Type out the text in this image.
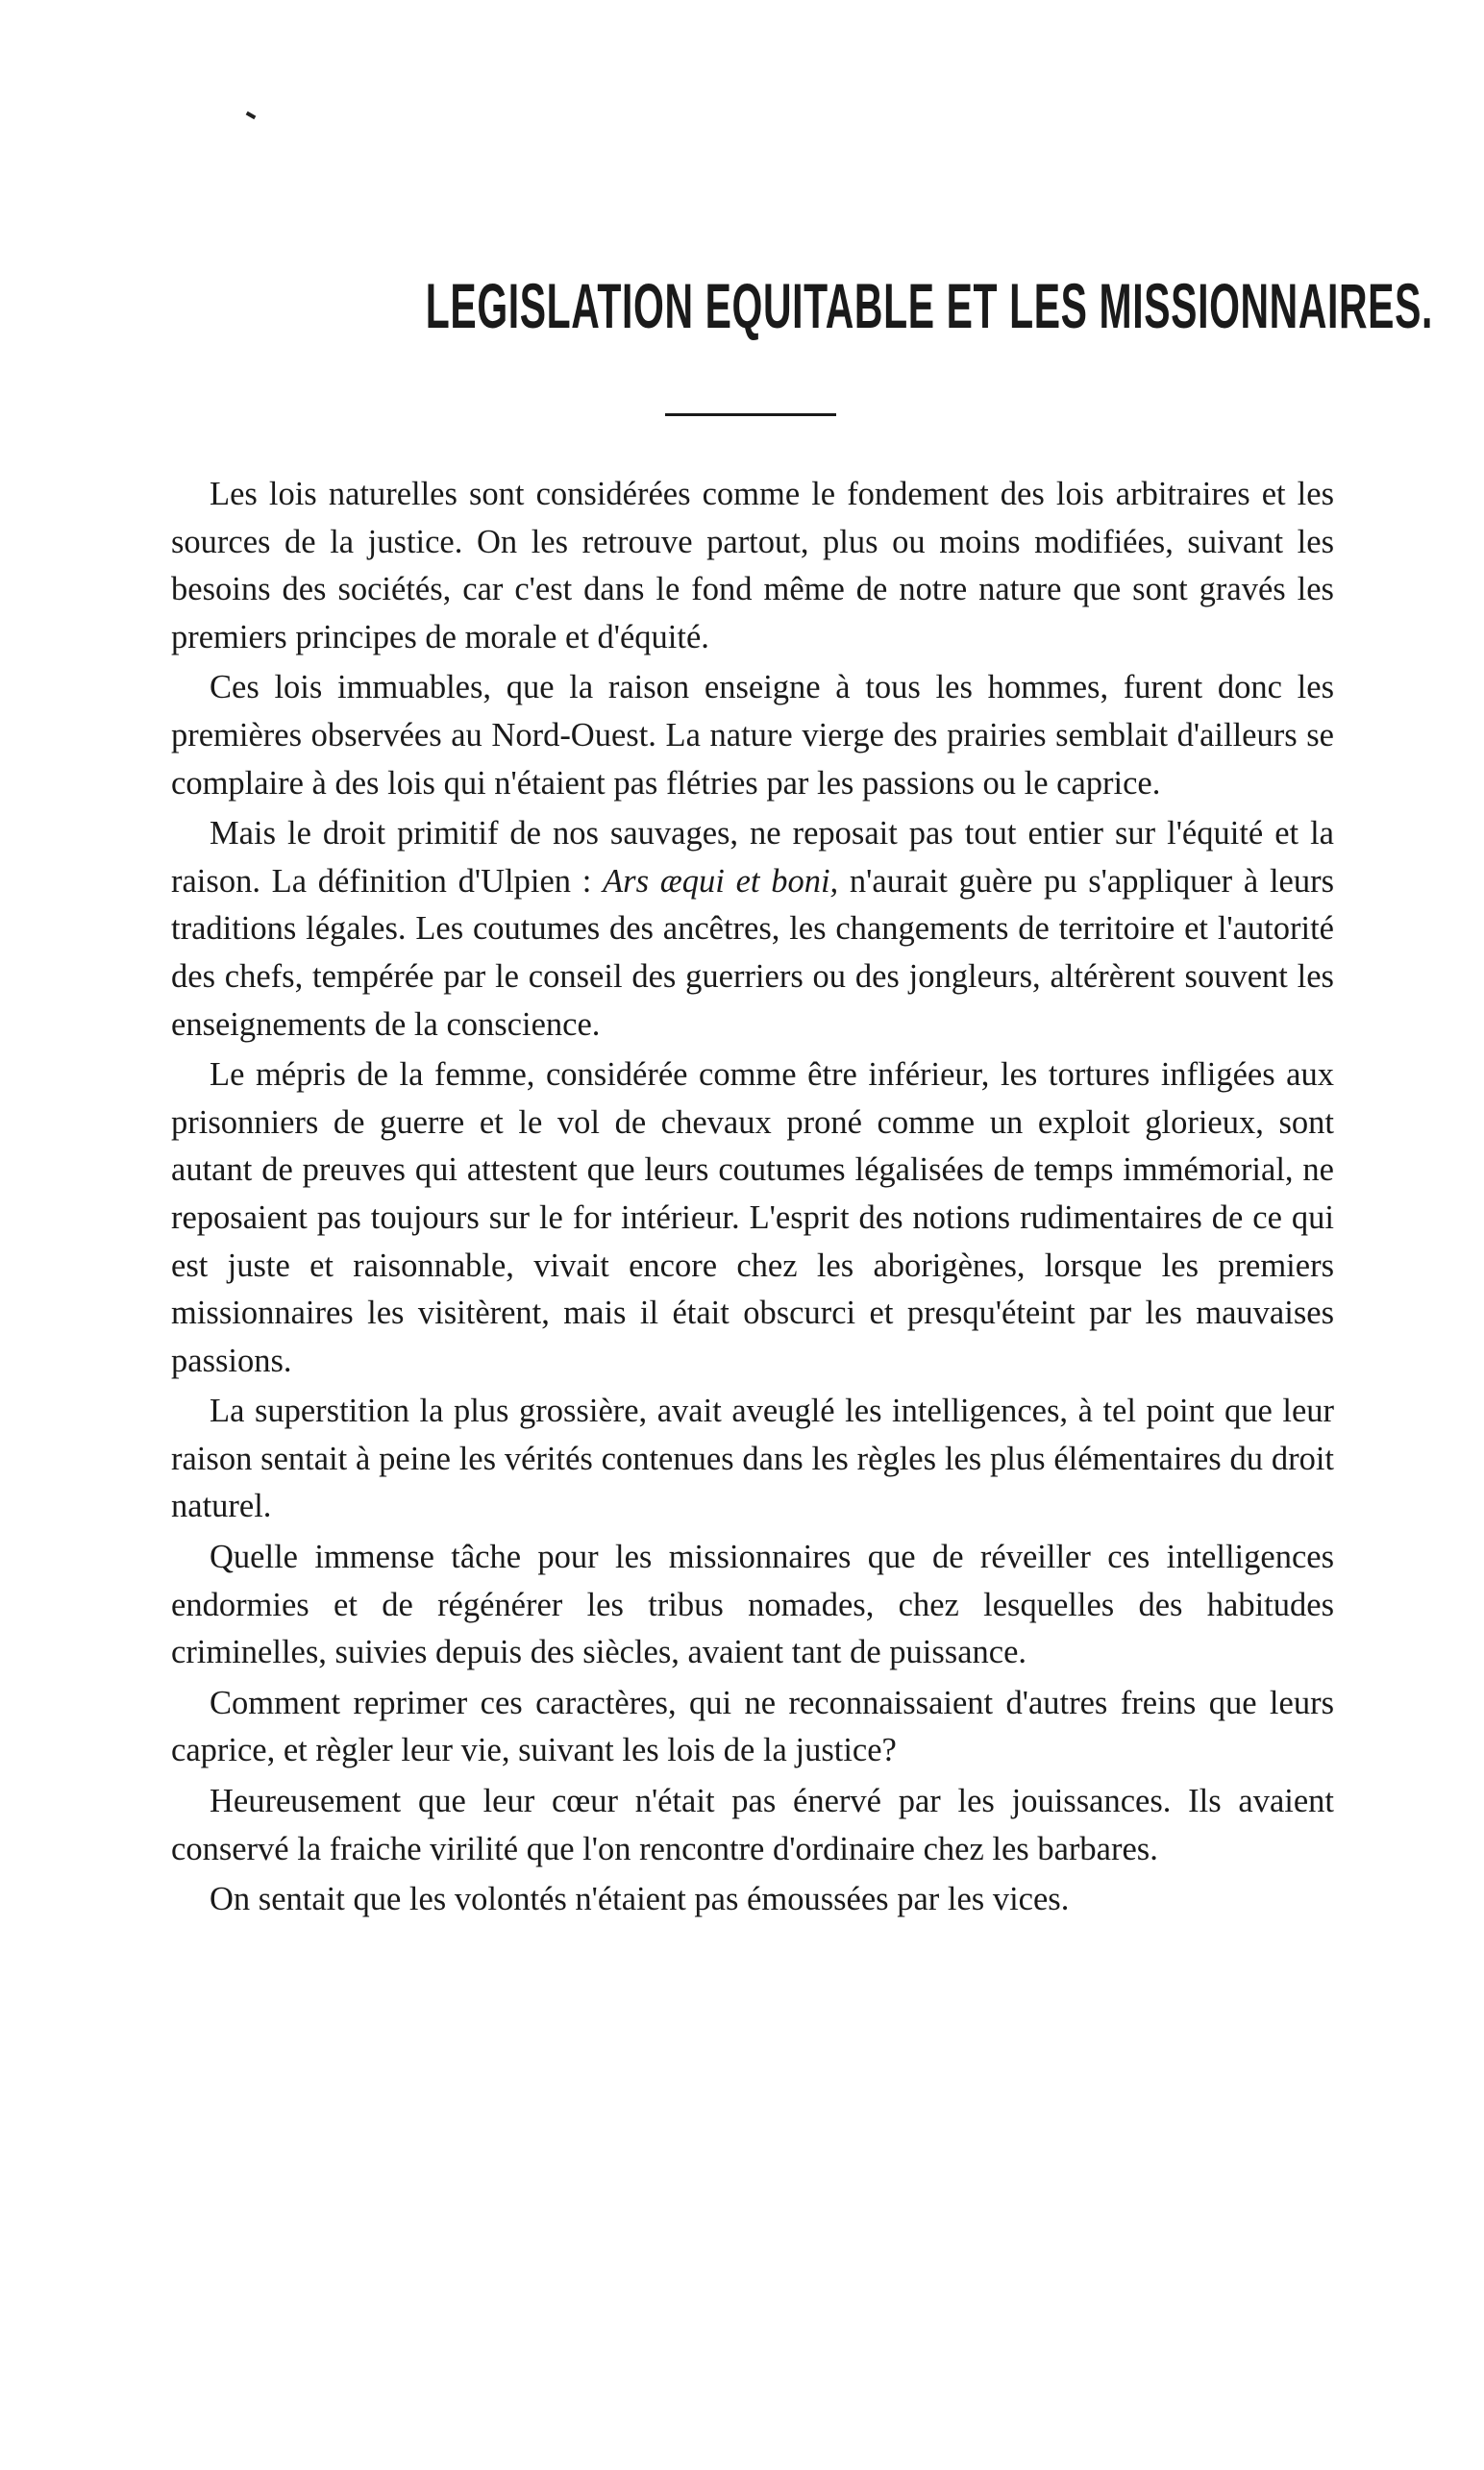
LEGISLATION EQUITABLE ET LES MISSIONNAIRES.

Les lois naturelles sont considérées comme le fondement des lois arbitraires et les sources de la justice. On les retrouve partout, plus ou moins modifiées, suivant les besoins des sociétés, car c'est dans le fond même de notre nature que sont gravés les premiers principes de morale et d'équité.

Ces lois immuables, que la raison enseigne à tous les hommes, furent donc les premières observées au Nord-Ouest. La nature vierge des prairies semblait d'ailleurs se complaire à des lois qui n'étaient pas flétries par les passions ou le caprice.

Mais le droit primitif de nos sauvages, ne reposait pas tout entier sur l'équité et la raison. La définition d'Ulpien : Ars æqui et boni, n'aurait guère pu s'appliquer à leurs traditions légales. Les coutumes des ancêtres, les changements de territoire et l'autorité des chefs, tempérée par le conseil des guerriers ou des jongleurs, altérèrent souvent les enseignements de la conscience.

Le mépris de la femme, considérée comme être inférieur, les tortures infligées aux prisonniers de guerre et le vol de chevaux proné comme un exploit glorieux, sont autant de preuves qui attestent que leurs coutumes légalisées de temps immémorial, ne reposaient pas toujours sur le for intérieur. L'esprit des notions rudimentaires de ce qui est juste et raisonnable, vivait encore chez les aborigènes, lorsque les premiers missionnaires les visitèrent, mais il était obscurci et presqu'éteint par les mauvaises passions.

La superstition la plus grossière, avait aveuglé les intelligences, à tel point que leur raison sentait à peine les vérités contenues dans les règles les plus élémentaires du droit naturel.

Quelle immense tâche pour les missionnaires que de réveiller ces intelligences endormies et de régénérer les tribus nomades, chez lesquelles des habitudes criminelles, suivies depuis des siècles, avaient tant de puissance.

Comment reprimer ces caractères, qui ne reconnaissaient d'autres freins que leurs caprice, et règler leur vie, suivant les lois de la justice?

Heureusement que leur cœur n'était pas énervé par les jouissances. Ils avaient conservé la fraiche virilité que l'on rencontre d'ordinaire chez les barbares.

On sentait que les volontés n'étaient pas émoussées par les vices.
